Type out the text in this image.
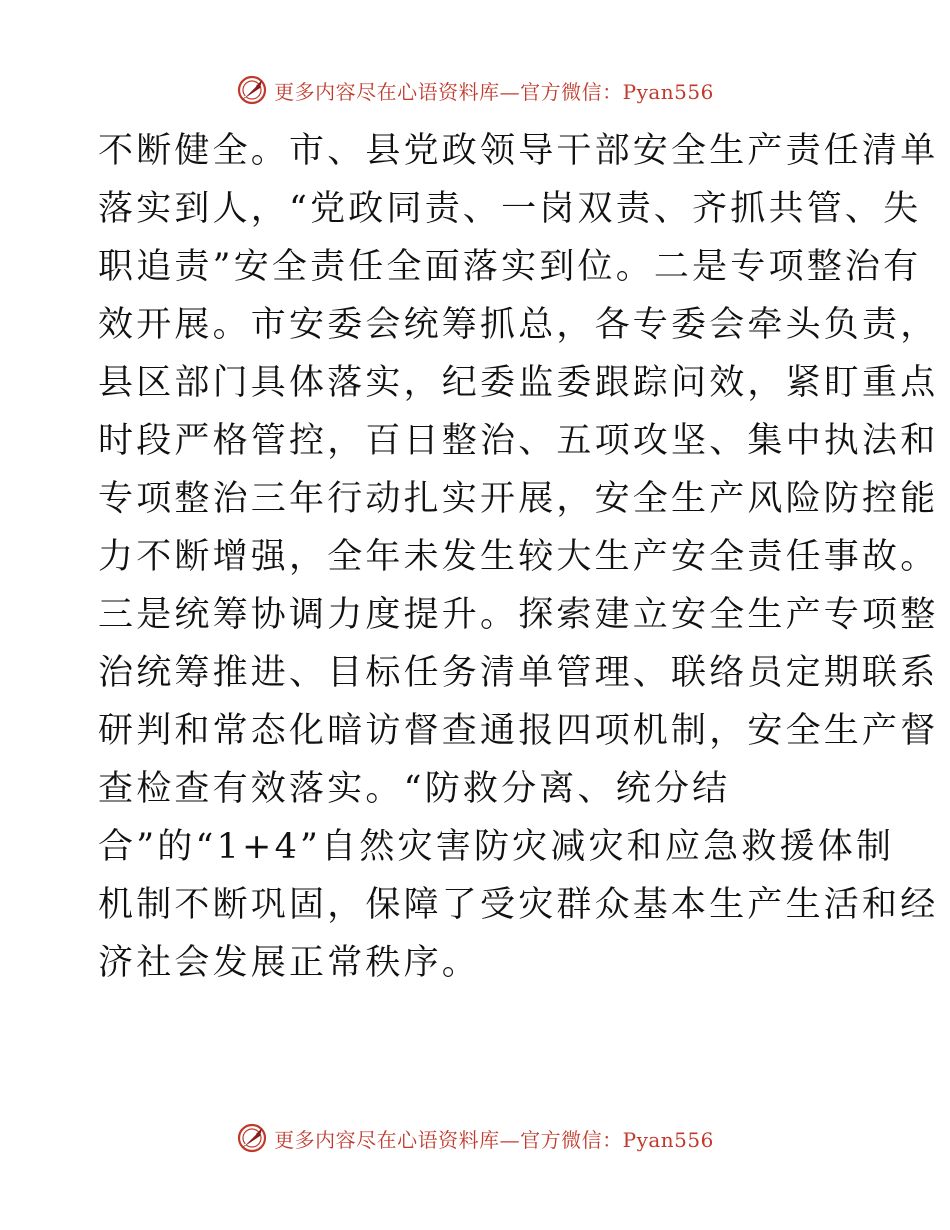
更多内容尽在心语资料库—官方微信：Pyan556
不断健全。市、县党政领导干部安全生产责任清单
落实到人，“党政同责、一岗双责、齐抓共管、失
职追责”安全责任全面落实到位。二是专项整治有
效开展。市安委会统筹抓总，各专委会牵头负责，
县区部门具体落实，纪委监委跟踪问效，紧盯重点
时段严格管控，百日整治、五项攻坚、集中执法和
专项整治三年行动扎实开展，安全生产风险防控能
力不断增强，全年未发生较大生产安全责任事故。
三是统筹协调力度提升。探索建立安全生产专项整
治统筹推进、目标任务清单管理、联络员定期联系
研判和常态化暗访督查通报四项机制，安全生产督
查检查有效落实。“防救分离、统分结
合”的“1+4”自然灾害防灾减灾和应急救援体制
机制不断巩固，保障了受灾群众基本生产生活和经
济社会发展正常秩序。
更多内容尽在心语资料库—官方微信：Pyan556
